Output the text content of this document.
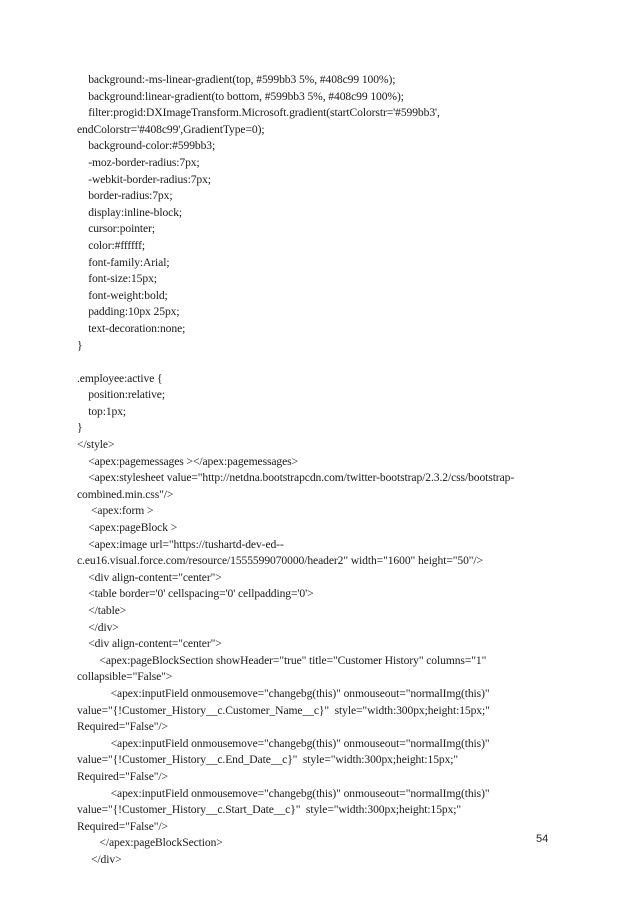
background:-ms-linear-gradient(top, #599bb3 5%, #408c99 100%);
background:linear-gradient(to bottom, #599bb3 5%, #408c99 100%);
filter:progid:DXImageTransform.Microsoft.gradient(startColorstr='#599bb3',
endColorstr='#408c99',GradientType=0);
background-color:#599bb3;
-moz-border-radius:7px;
-webkit-border-radius:7px;
border-radius:7px;
display:inline-block;
cursor:pointer;
color:#ffffff;
font-family:Arial;
font-size:15px;
font-weight:bold;
padding:10px 25px;
text-decoration:none;
}

.employee:active {
position:relative;
top:1px;
}
</style>
<apex:pagemessages ></apex:pagemessages>
<apex:stylesheet value="http://netdna.bootstrapcdn.com/twitter-bootstrap/2.3.2/css/bootstrap-
combined.min.css"/>
<apex:form >
<apex:pageBlock >
<apex:image url="https://tushartd-dev-ed--
c.eu16.visual.force.com/resource/1555599070000/header2" width="1600" height="50"/>
<div align-content="center">
<table border='0' cellspacing='0' cellpadding='0'>
</table>
</div>
<div align-content="center">
<apex:pageBlockSection showHeader="true" title="Customer History" columns="1"
collapsible="False">
<apex:inputField onmousemove="changebg(this)" onmouseout="normalImg(this)"
value="{!Customer_History__c.Customer_Name__c}"  style="width:300px;height:15px;"
Required="False"/>
<apex:inputField onmousemove="changebg(this)" onmouseout="normalImg(this)"
value="{!Customer_History__c.End_Date__c}"  style="width:300px;height:15px;"
Required="False"/>
<apex:inputField onmousemove="changebg(this)" onmouseout="normalImg(this)"
value="{!Customer_History__c.Start_Date__c}"  style="width:300px;height:15px;"
Required="False"/>
</apex:pageBlockSection>
</div>
54
